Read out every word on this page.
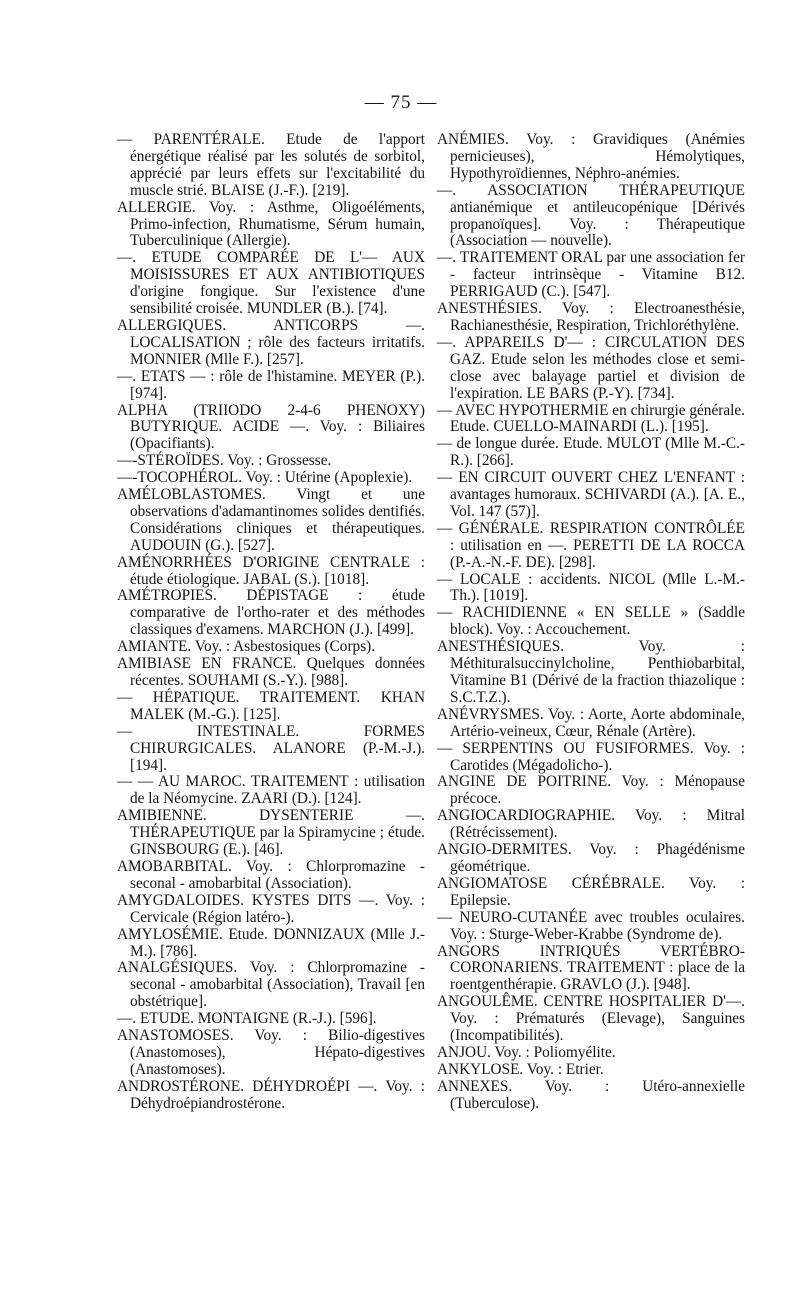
— 75 —

— PARENTÉRALE. Etude de l'apport énergétique réalisé par les solutés de sorbitol, apprécié par leurs effets sur l'excitabilité du muscle strié. BLAISE (J.-F.). [219].

ALLERGIE. Voy. : Asthme, Oligoéléments, Primo-infection, Rhumatisme, Sérum humain, Tuberculinique (Allergie).

—. ETUDE COMPARÉE DE L'— AUX MOISISSURES ET AUX ANTIBIOTIQUES d'origine fongique. Sur l'existence d'une sensibilité croisée. MUNDLER (B.). [74].

ALLERGIQUES. ANTICORPS —. LOCALISATION ; rôle des facteurs irritatifs. MONNIER (Mlle F.). [257].

—. ETATS — : rôle de l'histamine. MEYER (P.). [974].

ALPHA (TRIIODO 2-4-6 PHENOXY) BUTYRIQUE. ACIDE —. Voy. : Biliaires (Opacifiants).

—-STÉROÏDES. Voy. : Grossesse.

—-TOCOPHÉROL. Voy. : Utérine (Apoplexie).

AMÉLOBLASTOMES. Vingt et une observations d'adamantinomes solides dentifiés. Considérations cliniques et thérapeutiques. AUDOUIN (G.). [527].

AMÉNORRHÉES D'ORIGINE CENTRALE : étude étiologique. JABAL (S.). [1018].

AMÉTROPIES. DÉPISTAGE : étude comparative de l'ortho-rater et des méthodes classiques d'examens. MARCHON (J.). [499].

AMIANTE. Voy. : Asbestosiques (Corps).

AMIBIASE EN FRANCE. Quelques données récentes. SOUHAMI (S.-Y.). [988].

— HÉPATIQUE. TRAITEMENT. KHAN MALEK (M.-G.). [125].

— INTESTINALE. FORMES CHIRURGICALES. ALANORE (P.-M.-J.). [194].

— — AU MAROC. TRAITEMENT : utilisation de la Néomycine. ZAARI (D.). [124].

AMIBIENNE. DYSENTERIE —. THÉRAPEUTIQUE par la Spiramycine ; étude. GINSBOURG (E.). [46].

AMOBARBITAL. Voy. : Chlorpromazine - seconal - amobarbital (Association).

AMYGDALOIDES. KYSTES DITS —. Voy. : Cervicale (Région latéro-).

AMYLOSÉMIE. Etude. DONNIZAUX (Mlle J.-M.). [786].

ANALGÉSIQUES. Voy. : Chlorpromazine - seconal - amobarbital (Association), Travail [en obstétrique].

—. ETUDE. MONTAIGNE (R.-J.). [596].

ANASTOMOSES. Voy. : Bilio-digestives (Anastomoses), Hépato-digestives (Anastomoses).

ANDROSTÉRONE. DÉHYDROÉPI —. Voy. : Déhydroépiandrostérone.

ANÉMIES. Voy. : Gravidiques (Anémies pernicieuses), Hémolytiques, Hypothyroïdiennes, Néphro-anémies.

—. ASSOCIATION THÉRAPEUTIQUE antianémique et antileucopénique [Dérivés propanoïques]. Voy. : Thérapeutique (Association — nouvelle).

—. TRAITEMENT ORAL par une association fer - facteur intrinsèque - Vitamine B12. PERRIGAUD (C.). [547].

ANESTHÉSIES. Voy. : Electroanesthésie, Rachianesthésie, Respiration, Trichloréthylène.

—. APPAREILS D'— : CIRCULATION DES GAZ. Etude selon les méthodes close et semi-close avec balayage partiel et division de l'expiration. LE BARS (P.-Y). [734].

— AVEC HYPOTHERMIE en chirurgie générale. Etude. CUELLO-MAINARDI (L.). [195].

— de longue durée. Etude. MULOT (Mlle M.-C.-R.). [266].

— EN CIRCUIT OUVERT CHEZ L'ENFANT : avantages humoraux. SCHIVARDI (A.). [A. E., Vol. 147 (57)].

— GÉNÉRALE. RESPIRATION CONTRÔLÉE : utilisation en —. PERETTI DE LA ROCCA (P.-A.-N.-F. DE). [298].

— LOCALE : accidents. NICOL (Mlle L.-M.-Th.). [1019].

— RACHIDIENNE « EN SELLE » (Saddle block). Voy. : Accouchement.

ANESTHÉSIQUES. Voy. : Méthituralsuccinylcholine, Penthiobarbital, Vitamine B1 (Dérivé de la fraction thiazolique : S.C.T.Z.).

ANÉVRYSMES. Voy. : Aorte, Aorte abdominale, Artério-veineux, Cœur, Rénale (Artère).

— SERPENTINS OU FUSIFORMES. Voy. : Carotides (Mégadolicho-).

ANGINE DE POITRINE. Voy. : Ménopause précoce.

ANGIOCARDIOGRAPHIE. Voy. : Mitral (Rétrécissement).

ANGIO-DERMITES. Voy. : Phagédénisme géométrique.

ANGIOMATOSE CÉRÉBRALE. Voy. : Epilepsie.

— NEURO-CUTANÉE avec troubles oculaires. Voy. : Sturge-Weber-Krabbe (Syndrome de).

ANGORS INTRIQUÉS VERTÉBRO-CORONARIENS. TRAITEMENT : place de la roentgenthérapie. GRAVLO (J.). [948].

ANGOULÊME. CENTRE HOSPITALIER D'—. Voy. : Prématurés (Elevage), Sanguines (Incompatibilités).

ANJOU. Voy. : Poliomyélite.

ANKYLOSE. Voy. : Etrier.

ANNEXES. Voy. : Utéro-annexielle (Tuberculose).
